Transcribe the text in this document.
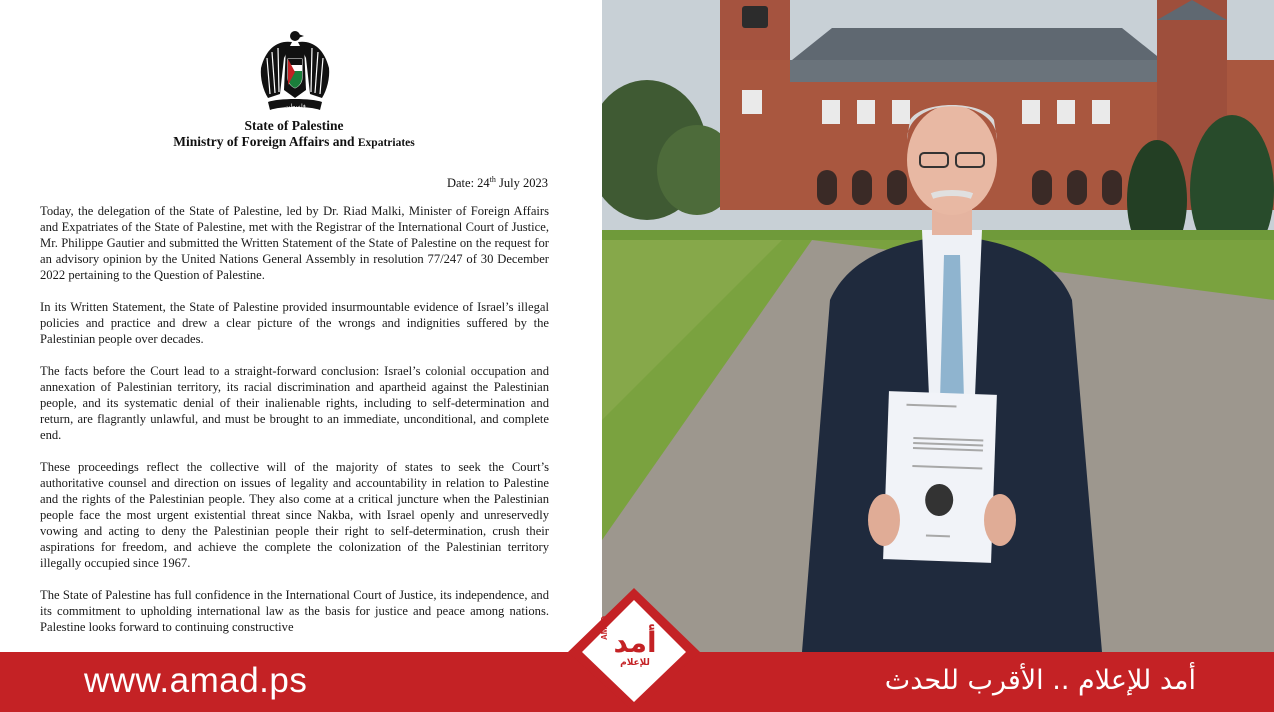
فلسطين
State of Palestine
Ministry of Foreign Affairs and Expatriates
Date: 24th July 2023

Today, the delegation of the State of Palestine, led by Dr. Riad Malki, Minister of Foreign Affairs and Expatriates of the State of Palestine, met with the Registrar of the International Court of Justice, Mr. Philippe Gautier and submitted the Written Statement of the State of Palestine on the request for an advisory opinion by the United Nations General Assembly in resolution 77/247 of 30 December 2022 pertaining to the Question of Palestine.

In its Written Statement, the State of Palestine provided insurmountable evidence of Israel’s illegal policies and practice and drew a clear picture of the wrongs and indignities suffered by the Palestinian people over decades.

The facts before the Court lead to a straight-forward conclusion: Israel’s colonial occupation and annexation of Palestinian territory, its racial discrimination and apartheid against the Palestinian people, and its systematic denial of their inalienable rights, including to self-determination and return, are flagrantly unlawful, and must be brought to an immediate, unconditional, and complete end.

These proceedings reflect the collective will of the majority of states to seek the Court’s authoritative counsel and direction on issues of legality and accountability in relation to Palestine and the rights of the Palestinian people. They also come at a critical juncture when the Palestinian people face the most urgent existential threat since Nakba, with Israel openly and unreservedly vowing and acting to deny the Palestinian people their right to self-determination, crush their aspirations for freedom, and achieve the complete the colonization of the Palestinian territory illegally occupied since 1967.

The State of Palestine has full confidence in the International Court of Justice, its independence, and its commitment to upholding international law as the basis for justice and peace among nations. Palestine looks forward to continuing constructive

www.amad.ps	أمد للإعلام .. الأقرب للحدث
أمد
للإعلام
AMAD
